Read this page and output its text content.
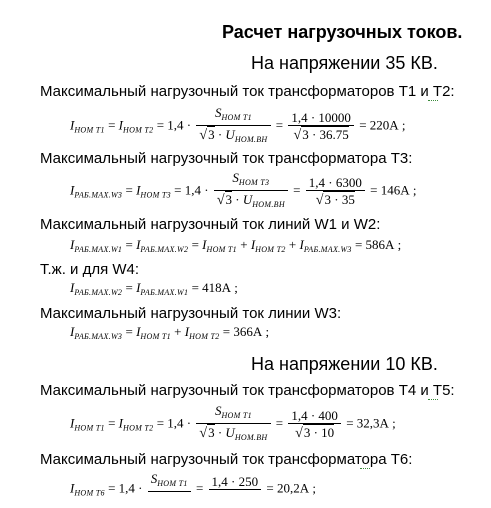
Расчет нагрузочных токов.
На напряжении 35 КВ.
Максимальный нагрузочный ток трансформаторов Т1 и Т2:
$I_{НОМ Т1} = I_{НОМ Т2} = 1,4 \cdot \frac{S_{НОМ Т1}}{√3 \cdot U_{НОМ.ВН}} = \frac{1,4 \cdot 10000}{√3 \cdot 36.75} = 220А$ ;
Максимальный нагрузочный ток трансформатора Т3:
$I_{РАБ.MAX.W3} = I_{НОМ Т3} = 1,4 \cdot \frac{S_{НОМ Т3}}{√3 \cdot U_{НОМ.ВН}} = \frac{1,4 \cdot 6300}{√3 \cdot 35} = 146А$ ;
Максимальный нагрузочный ток линий W1 и W2:
$I_{РАБ.MAX.W1} = I_{РАБ.MAX.W2} = I_{НОМ Т1} + I_{НОМ Т2} + I_{РАБ.MAX.W3} = 586А$ ;
Т.ж. и для W4:
$I_{РАБ.MAX.W2} = I_{РАБ.MAX.W1} = 418А$ ;
Максимальный нагрузочный ток линии W3:
$I_{РАБ.MAX.W3} = I_{НОМ Т1} + I_{НОМ Т2} = 366А$ ;
На напряжении 10 КВ.
Максимальный нагрузочный ток трансформаторов Т4 и Т5:
$I_{НОМ Т1} = I_{НОМ Т2} = 1,4 \cdot \frac{S_{НОМ Т1}}{√3 \cdot U_{НОМ.ВН}} = \frac{1,4 \cdot 400}{√3 \cdot 10} = 32,3А$ ;
Максимальный нагрузочный ток трансформатора Т6:
$I_{НОМ Т6} = 1,4$ ·
$S_{НОМ Т1}$
= 1,4 · 250
= 20,2А ;
